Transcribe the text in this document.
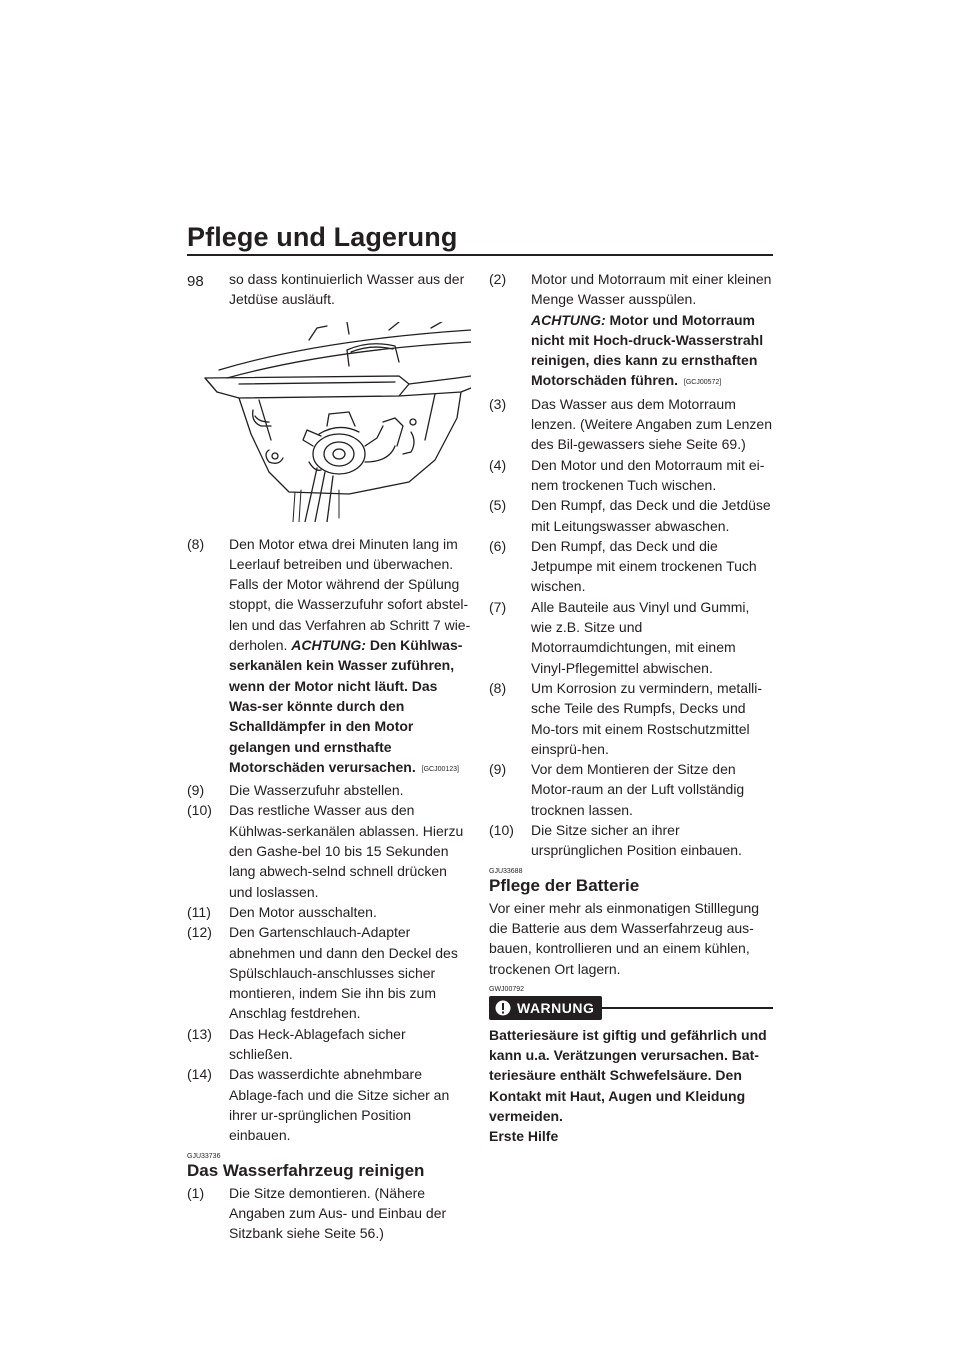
Pflege und Lagerung
98	so dass kontinuierlich Wasser aus der Jetdüse ausläuft.
(8) Den Motor etwa drei Minuten lang im Leerlauf betreiben und überwachen. Falls der Motor während der Spülung stoppt, die Wasserzufuhr sofort abstel-len und das Verfahren ab Schritt 7 wie-derholen. ACHTUNG: Den Kühlwas-serkanälen kein Wasser zuführen, wenn der Motor nicht läuft. Das Was-ser könnte durch den Schalldämpfer in den Motor gelangen und ernsthafte Motorschäden verursachen. [GCJ00123]
(9) Die Wasserzufuhr abstellen.
(10) Das restliche Wasser aus den Kühlwas-serkanälen ablassen. Hierzu den Gashe-bel 10 bis 15 Sekunden lang abwech-selnd schnell drücken und loslassen.
(11) Den Motor ausschalten.
(12) Den Gartenschlauch-Adapter abnehmen und dann den Deckel des Spülschlauch-anschlusses sicher montieren, indem Sie ihn bis zum Anschlag festdrehen.
(13) Das Heck-Ablagefach sicher schließen.
(14) Das wasserdichte abnehmbare Ablage-fach und die Sitze sicher an ihrer ur-sprünglichen Position einbauen.
GJU33736
Das Wasserfahrzeug reinigen
(1) Die Sitze demontieren. (Nähere Angaben zum Aus- und Einbau der Sitzbank siehe Seite 56.)
(2) Motor und Motorraum mit einer kleinen Menge Wasser ausspülen. ACHTUNG: Motor und Motorraum nicht mit Hoch-druck-Wasserstrahl reinigen, dies kann zu ernsthaften Motorschäden führen. [GCJ00572]
(3) Das Wasser aus dem Motorraum lenzen. (Weitere Angaben zum Lenzen des Bil-gewassers siehe Seite 69.)
(4) Den Motor und den Motorraum mit ei-nem trockenen Tuch wischen.
(5) Den Rumpf, das Deck und die Jetdüse mit Leitungswasser abwaschen.
(6) Den Rumpf, das Deck und die Jetpumpe mit einem trockenen Tuch wischen.
(7) Alle Bauteile aus Vinyl und Gummi, wie z.B. Sitze und Motorraumdichtungen, mit einem Vinyl-Pflegemittel abwischen.
(8) Um Korrosion zu vermindern, metalli-sche Teile des Rumpfs, Decks und Mo-tors mit einem Rostschutzmittel einsprü-hen.
(9) Vor dem Montieren der Sitze den Motor-raum an der Luft vollständig trocknen lassen.
(10) Die Sitze sicher an ihrer ursprünglichen Position einbauen.
GJU33688
Pflege der Batterie

Vor einer mehr als einmonatigen Stilllegung die Batterie aus dem Wasserfahrzeug aus-bauen, kontrollieren und an einem kühlen, trockenen Ort lagern.

GWJ00792
WARNUNG

Batteriesäure ist giftig und gefährlich und kann u.a. Verätzungen verursachen. Bat-teriesäure enthält Schwefelsäure. Den Kontakt mit Haut, Augen und Kleidung vermeiden.

Erste Hilfe
